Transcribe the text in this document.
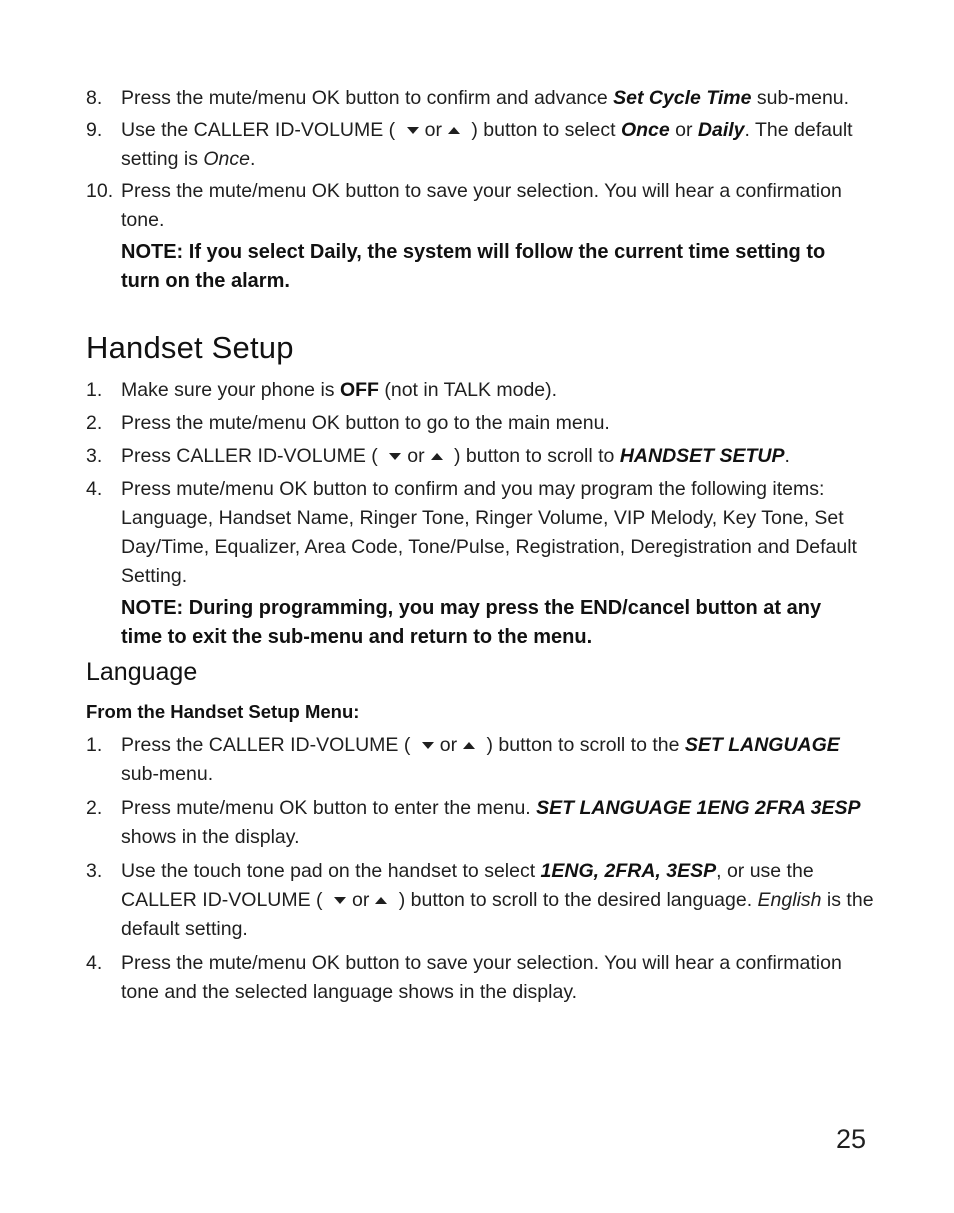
8. Press the mute/menu OK button to confirm and advance Set Cycle Time sub-menu.
9. Use the CALLER ID-VOLUME ( or ) button to select Once or Daily. The default setting is Once.
10. Press the mute/menu OK button to save your selection. You will hear a confirmation tone.
NOTE: If you select Daily, the system will follow the current time setting to turn on the alarm.
Handset Setup
1. Make sure your phone is OFF (not in TALK mode).
2. Press the mute/menu OK button to go to the main menu.
3. Press CALLER ID-VOLUME ( or ) button to scroll to HANDSET SETUP.
4. Press mute/menu OK button to confirm and you may program the following items: Language, Handset Name, Ringer Tone, Ringer Volume, VIP Melody, Key Tone, Set Day/Time, Equalizer, Area Code, Tone/Pulse, Registration, Deregistration and Default Setting.
NOTE: During programming, you may press the END/cancel button at any time to exit the sub-menu and return to the menu.
Language
From the Handset Setup Menu:
1. Press the CALLER ID-VOLUME ( or ) button to scroll to the SET LANGUAGE sub-menu.
2. Press mute/menu OK button to enter the menu. SET LANGUAGE 1ENG 2FRA 3ESP shows in the display.
3. Use the touch tone pad on the handset to select 1ENG, 2FRA, 3ESP, or use the CALLER ID-VOLUME ( or ) button to scroll to the desired language. English is the default setting.
4. Press the mute/menu OK button to save your selection. You will hear a confirmation tone and the selected language shows in the display.
25
